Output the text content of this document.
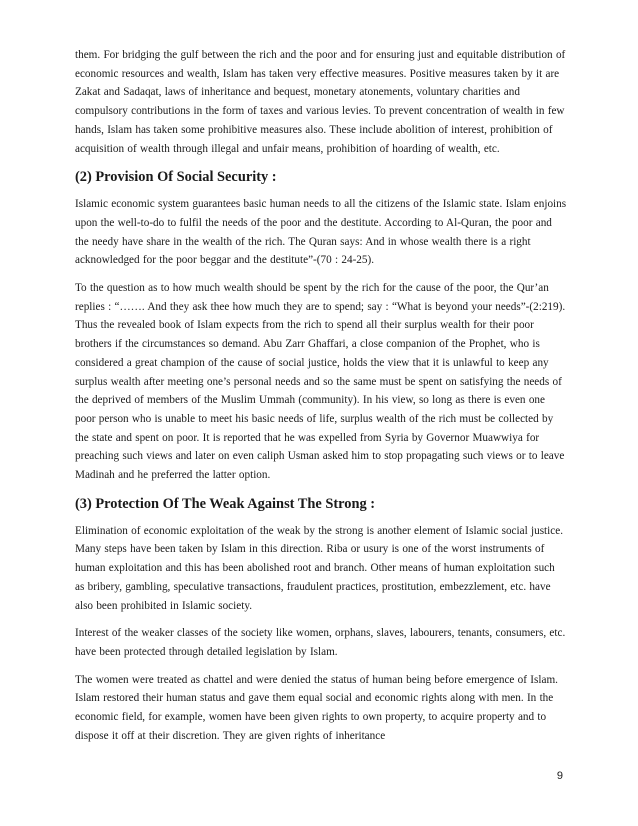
them. For bridging the gulf between the rich and the poor and for ensuring just and equitable distribution of economic resources and wealth, Islam has taken very effective measures. Positive measures taken by it are Zakat and Sadaqat, laws of inheritance and bequest, monetary atonements, voluntary charities and compulsory contributions in the form of taxes and various levies. To prevent concentration of wealth in few hands, Islam has taken some prohibitive measures also. These include abolition of interest, prohibition of acquisition of wealth through illegal and unfair means, prohibition of hoarding of wealth, etc.

(2) Provision Of Social Security :

Islamic economic system guarantees basic human needs to all the citizens of the Islamic state. Islam enjoins upon the well-to-do to fulfil the needs of the poor and the destitute. According to Al-Quran, the poor and the needy have share in the wealth of the rich. The Quran says: And in whose wealth there is a right acknowledged for the poor beggar and the destitute”-(70 : 24-25).

To the question as to how much wealth should be spent by the rich for the cause of the poor, the Qur’an replies : “……. And they ask thee how much they are to spend; say : “What is beyond your needs”-(2:219). Thus the revealed book of Islam expects from the rich to spend all their surplus wealth for their poor brothers if the circumstances so demand. Abu Zarr Ghaffari, a close companion of the Prophet, who is considered a great champion of the cause of social justice, holds the view that it is unlawful to keep any surplus wealth after meeting one’s personal needs and so the same must be spent on satisfying the needs of the deprived of members of the Muslim Ummah (community). In his view, so long as there is even one poor person who is unable to meet his basic needs of life, surplus wealth of the rich must be collected by the state and spent on poor. It is reported that he was expelled from Syria by Governor Muawwiya for preaching such views and later on even caliph Usman asked him to stop propagating such views or to leave Madinah and he preferred the latter option.

(3) Protection Of The Weak Against The Strong :

Elimination of economic exploitation of the weak by the strong is another element of Islamic social justice. Many steps have been taken by Islam in this direction. Riba or usury is one of the worst instruments of human exploitation and this has been abolished root and branch. Other means of human exploitation such as bribery, gambling, speculative transactions, fraudulent practices, prostitution, embezzlement, etc. have also been prohibited in Islamic society.

Interest of the weaker classes of the society like women, orphans, slaves, labourers, tenants, consumers, etc. have been protected through detailed legislation by Islam.

The women were treated as chattel and were denied the status of human being before emergence of Islam. Islam restored their human status and gave them equal social and economic rights along with men. In the economic field, for example, women have been given rights to own property, to acquire property and to dispose it off at their discretion. They are given rights of inheritance

9
